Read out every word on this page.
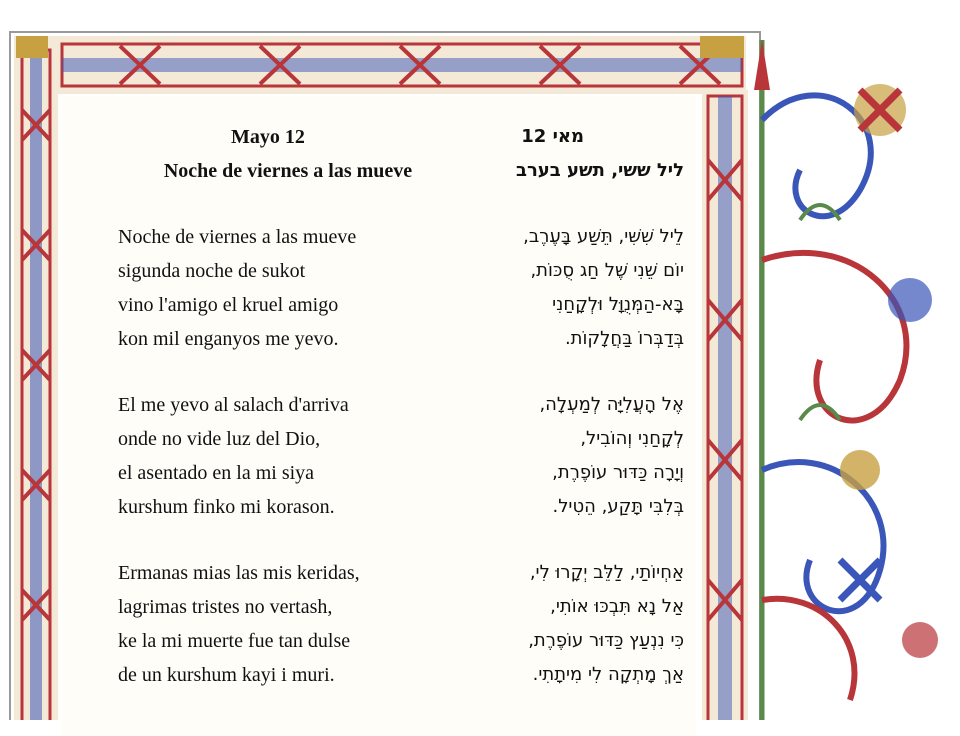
Mayo 12
Noche de viernes a las mueve
Noche de viernes a las mueve
sigunda noche de sukot
vino l'amigo el kruel amigo
kon mil enganyos me yevo.
El me yevo al salach d'arriva
onde no vide luz del Dio,
el asentado en la mi siya
kurshum finko mi korason.
Ermanas mias las mis keridas,
lagrimas tristes no vertash,
ke la mi muerte fue tan dulse
de un kurshum kayi i muri.
מאי 12
ליל ששי, תשע בערב
לֵיל שִׁשִּׁי, תֵּשַׁע בָּעֶרֶב,
יוֹם שֵׁנִי שֶׁל חַג סֻכּוֹת,
בָּא-הַמְּנֻוָּל וּלְקָחַנִי
בְּדַבְּרוֹ בַּחֲלָקוֹת.
אֶל הָעֲלִיָּה לְמַעְלָה,
לְקָחַנִי וְהוֹבִיל,
וְיָרָה כַּדּוּר עוֹפֶרֶת,
בְּלִבִּי תָּקַע, הֵטִיל.
אַחְיוֹתַי, לַלֵּב יְקָרוּ לִי,
אַל נָא תִּבְכּוּ אוֹתִי,
כִּי נִנְעַץ כַּדּוּר עוֹפֶרֶת,
אַךְ מָתְקָה לִי מִיתָתִי.
